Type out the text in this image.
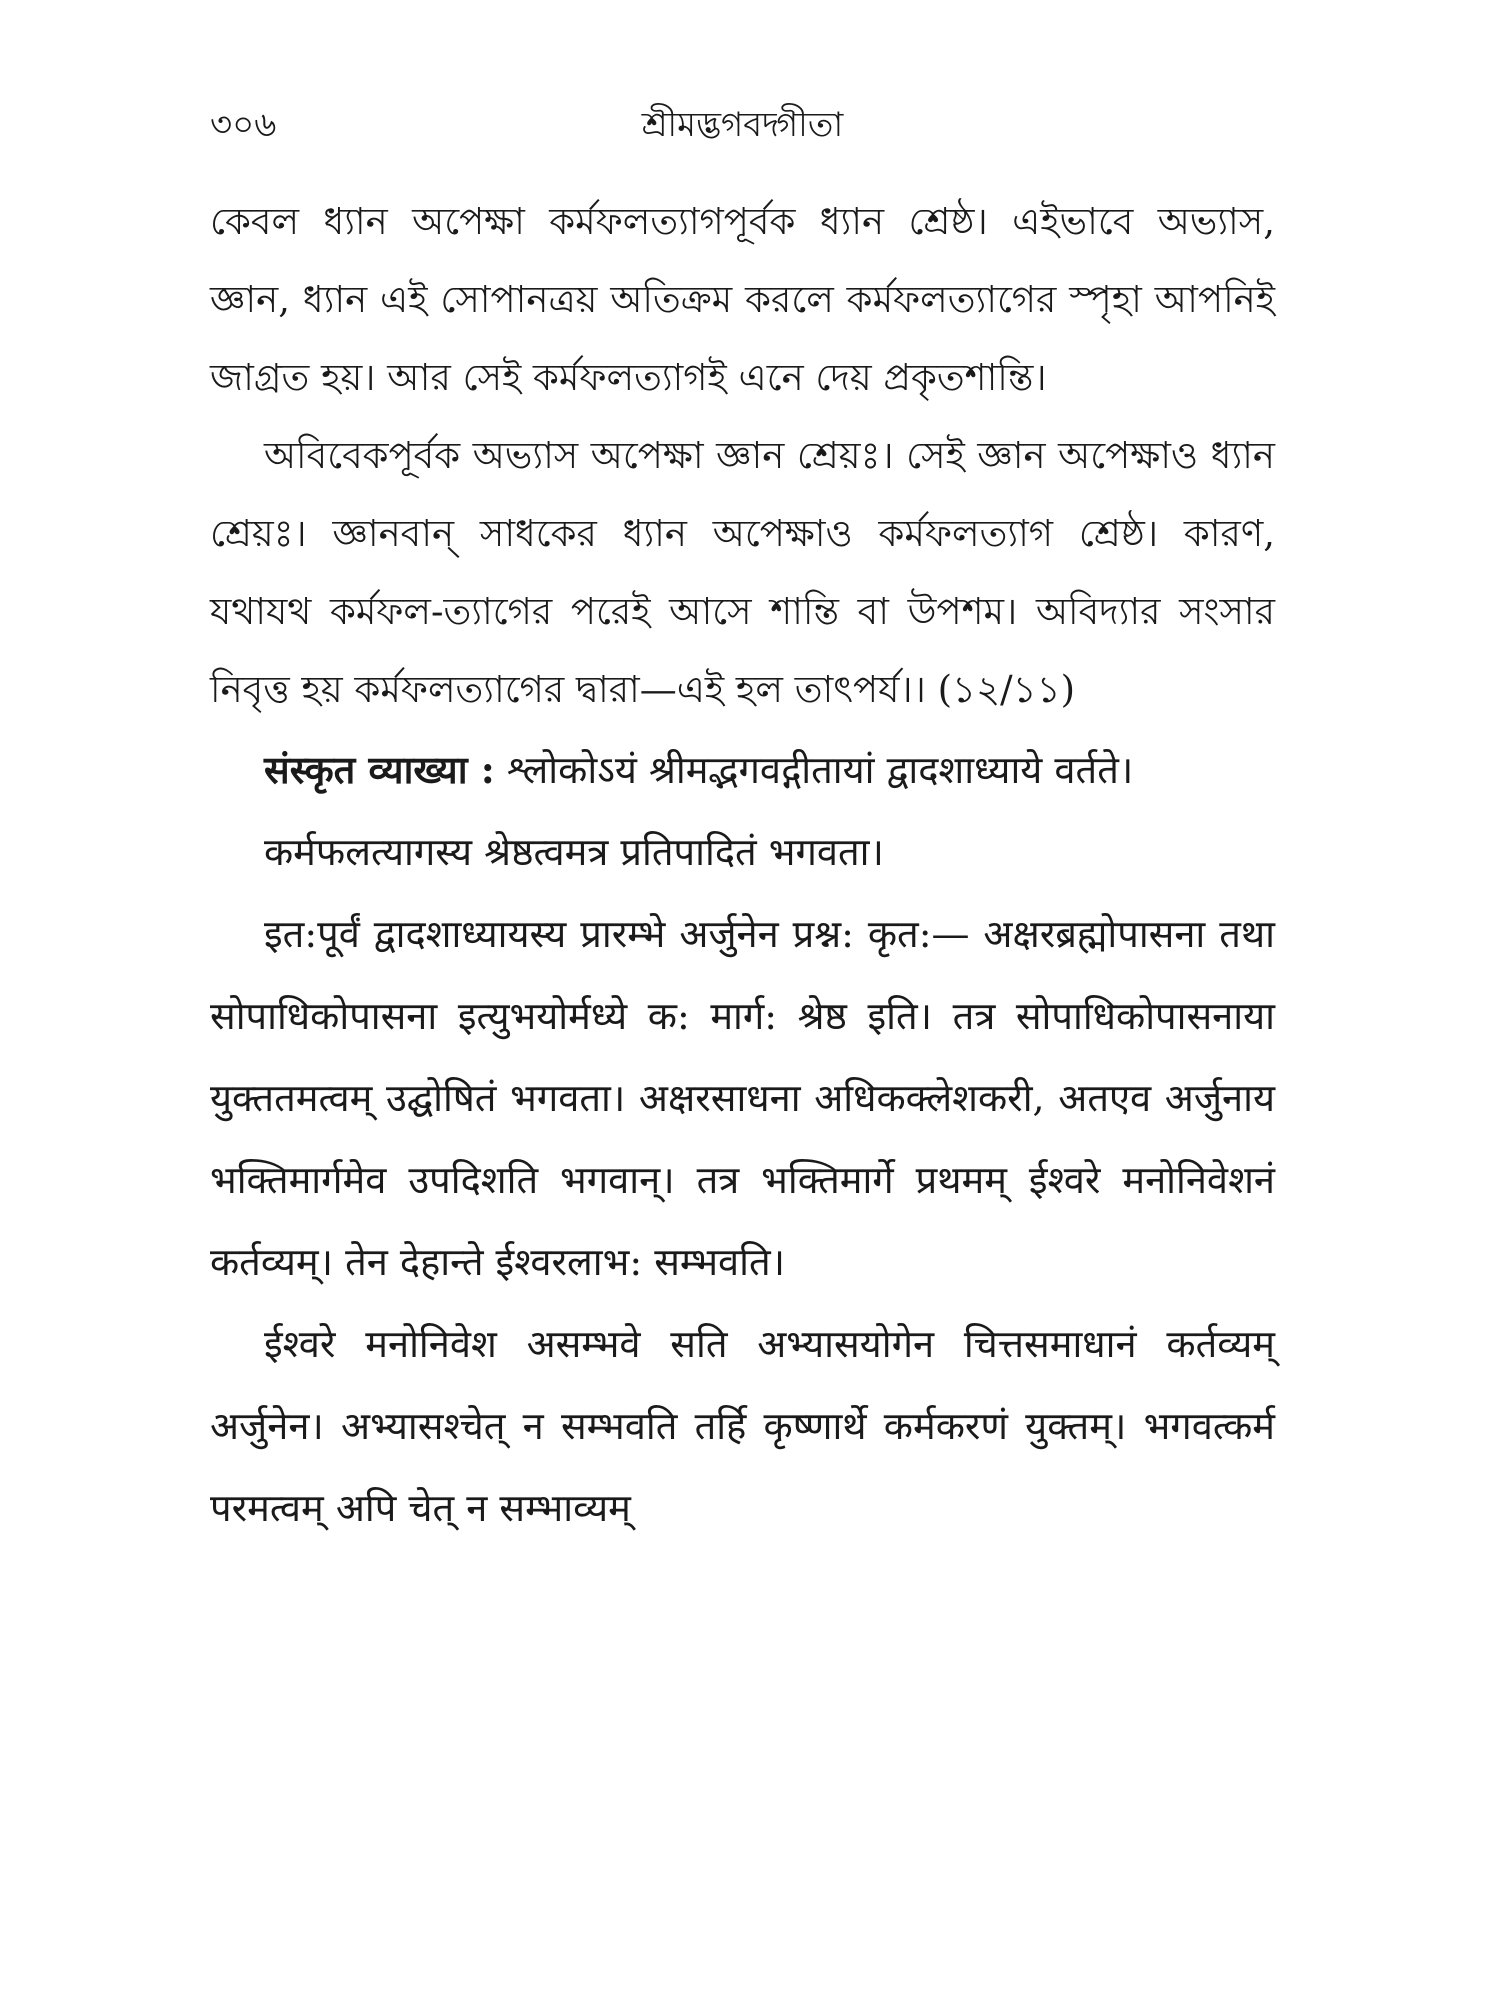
৩০৬	শ্রীমদ্ভগবদ্গীতা

কেবল ধ্যান অপেক্ষা কর্মফলত্যাগপূর্বক ধ্যান শ্রেষ্ঠ। এইভাবে অভ্যাস, জ্ঞান, ধ্যান এই সোপানত্রয় অতিক্রম করলে কর্মফলত্যাগের স্পৃহা আপনিই জাগ্রত হয়। আর সেই কর্মফলত্যাগই এনে দেয় প্রকৃতশান্তি।

অবিবেকপূর্বক অভ্যাস অপেক্ষা জ্ঞান শ্রেয়ঃ। সেই জ্ঞান অপেক্ষাও ধ্যান শ্রেয়ঃ। জ্ঞানবান্ সাধকের ধ্যান অপেক্ষাও কর্মফলত্যাগ শ্রেষ্ঠ। কারণ, যথাযথ কর্মফল-ত্যাগের পরেই আসে শান্তি বা উপশম। অবিদ্যার সংসার নিবৃত্ত হয় কর্মফলত্যাগের দ্বারা—এই হল তাৎপর্য।। (১২/১১)

संस्कृत व्याख्या : श्लोकोऽयं श्रीमद्भगवद्गीतायां द्वादशाध्याये वर्तते।

कर्मफलत्यागस्य श्रेष्ठत्वमत्र प्रतिपादितं भगवता।

इत:पूर्वं द्वादशाध्यायस्य प्रारम्भे अर्जुनेन प्रश्न: कृत:— अक्षरब्रह्मोपासना तथा सोपाधिकोपासना इत्युभयोर्मध्ये क: मार्ग: श्रेष्ठ इति। तत्र सोपाधिकोपासनाया युक्ततमत्वम् उद्घोषितं भगवता। अक्षरसाधना अधिकक्लेशकरी, अतएव अर्जुनाय भक्तिमार्गमेव उपदिशति भगवान्। तत्र भक्तिमार्गे प्रथमम् ईश्वरे मनोनिवेशनं कर्तव्यम्। तेन देहान्ते ईश्वरलाभ: सम्भवति।

ईश्वरे मनोनिवेश असम्भवे सति अभ्यासयोगेन चित्तसमाधानं कर्तव्यम् अर्जुनेन। अभ्यासश्चेत् न सम्भवति तर्हि कृष्णार्थे कर्मकरणं युक्तम्। भगवत्कर्म परमत्वम् अपि चेत् न सम्भाव्यम्
